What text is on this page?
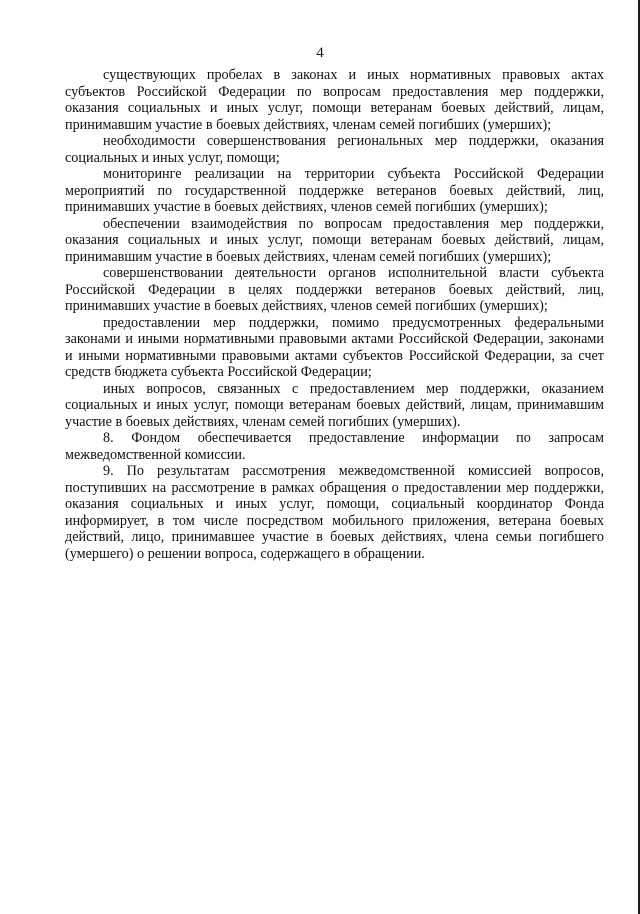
4

существующих пробелах в законах и иных нормативных правовых актах субъектов Российской Федерации по вопросам предоставления мер поддержки, оказания социальных и иных услуг, помощи ветеранам боевых действий, лицам, принимавшим участие в боевых действиях, членам семей погибших (умерших);

необходимости совершенствования региональных мер поддержки, оказания социальных и иных услуг, помощи;

мониторинге реализации на территории субъекта Российской Федерации мероприятий по государственной поддержке ветеранов боевых действий, лиц, принимавших участие в боевых действиях, членов семей погибших (умерших);

обеспечении взаимодействия по вопросам предоставления мер поддержки, оказания социальных и иных услуг, помощи ветеранам боевых действий, лицам, принимавшим участие в боевых действиях, членам семей погибших (умерших);

совершенствовании деятельности органов исполнительной власти субъекта Российской Федерации в целях поддержки ветеранов боевых действий, лиц, принимавших участие в боевых действиях, членов семей погибших (умерших);

предоставлении мер поддержки, помимо предусмотренных федеральными законами и иными нормативными правовыми актами Российской Федерации, законами и иными нормативными правовыми актами субъектов Российской Федерации, за счет средств бюджета субъекта Российской Федерации;

иных вопросов, связанных с предоставлением мер поддержки, оказанием социальных и иных услуг, помощи ветеранам боевых действий, лицам, принимавшим участие в боевых действиях, членам семей погибших (умерших).

8. Фондом обеспечивается предоставление информации по запросам межведомственной комиссии.

9. По результатам рассмотрения межведомственной комиссией вопросов, поступивших на рассмотрение в рамках обращения о предоставлении мер поддержки, оказания социальных и иных услуг, помощи, социальный координатор Фонда информирует, в том числе посредством мобильного приложения, ветерана боевых действий, лицо, принимавшее участие в боевых действиях, члена семьи погибшего (умершего) о решении вопроса, содержащего в обращении.
